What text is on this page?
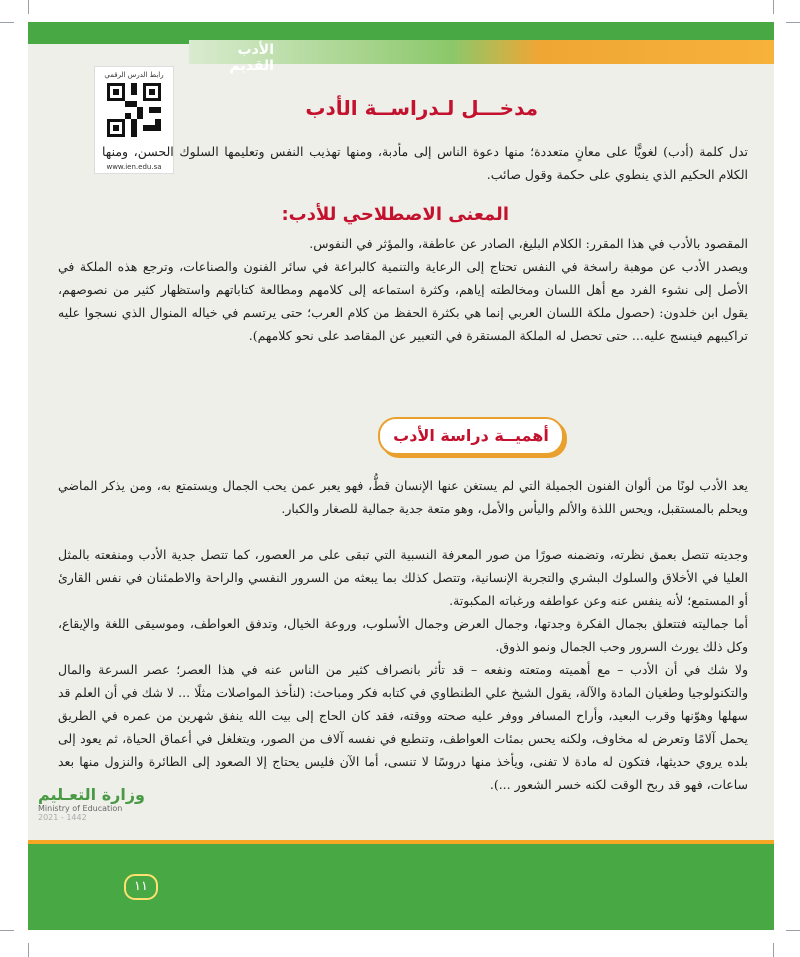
الأدب القديم
رابط الدرس الرقمي
www.ien.edu.sa
مدخـــل لـدراســة الأدب
تدل كلمة (أدب) لغويًّا على معانٍ متعددة؛ منها دعوة الناس إلى مأدبة، ومنها تهذيب النفس وتعليمها السلوك الحسن، ومنها الكلام الحكيم الذي ينطوي على حكمة وقول صائب.
المعنى الاصطلاحي للأدب:
المقصود بالأدب في هذا المقرر: الكلام البليغ، الصادر عن عاطفة، والمؤثر في النفوس.
ويصدر الأدب عن موهبة راسخة في النفس تحتاج إلى الرعاية والتنمية كالبراعة في سائر الفنون والصناعات، وترجع هذه الملكة في الأصل إلى نشوء الفرد مع أهل اللسان ومخالطته إياهم، وكثرة استماعه إلى كلامهم ومطالعة كتاباتهم واستظهار كثير من نصوصهم، يقول ابن خلدون: (حصول ملكة اللسان العربي إنما هي بكثرة الحفظ من كلام العرب؛ حتى يرتسم في خياله المنوال الذي نسجوا عليه تراكيبهم فينسج عليه... حتى تحصل له الملكة المستقرة في التعبير عن المقاصد على نحو كلامهم).
أهميــة دراسة الأدب
يعد الأدب لونًا من ألوان الفنون الجميلة التي لم يستغن عنها الإنسان قطُّ، فهو يعبر عمن يحب الجمال ويستمتع به، ومن يذكر الماضي ويحلم بالمستقبل، ويحس اللذة والألم واليأس والأمل، وهو متعة جدية جمالية للصغار والكبار.
وجديته تتصل بعمق نظرته، وتضمنه صورًا من صور المعرفة النسبية التي تبقى على مر العصور، كما تتصل جدية الأدب ومنفعته بالمثل العليا في الأخلاق والسلوك البشري والتجربة الإنسانية، وتتصل كذلك بما يبعثه من السرور النفسي والراحة والاطمئنان في نفس القارئ أو المستمع؛ لأنه ينفس عنه وعن عواطفه ورغباته المكبوتة.
أما جماليته فتتعلق بجمال الفكرة وجدتها، وجمال العرض وجمال الأسلوب، وروعة الخيال، وتدفق العواطف، وموسيقى اللغة والإيقاع، وكل ذلك يورث السرور وحب الجمال ونمو الذوق.
ولا شك في أن الأدب – مع أهميته ومتعته ونفعه – قد تأثر بانصراف كثير من الناس عنه في هذا العصر؛ عصر السرعة والمال والتكنولوجيا وطغيان المادة والآلة، يقول الشيخ علي الطنطاوي في كتابه فكر ومباحث: (لنأخذ المواصلات مثلًا ... لا شك في أن العلم قد سهلها وهوّنها وقرب البعيد، وأراح المسافر ووفر عليه صحته ووقته، فقد كان الحاج إلى بيت الله ينفق شهرين من عمره في الطريق يحمل آلامًا وتعرض له مخاوف، ولكنه يحس بمئات العواطف، وتنطبع في نفسه آلاف من الصور، ويتغلغل في أعماق الحياة، ثم يعود إلى بلده يروي حديثها، فتكون له مادة لا تفنى، ويأخذ منها دروسًا لا تنسى، أما الآن فليس يحتاج إلا الصعود إلى الطائرة والنزول منها بعد ساعات، فهو قد ربح الوقت لكنه خسر الشعور ...).
وزارة التعـليم
Ministry of Education
2021 - 1442
١١
